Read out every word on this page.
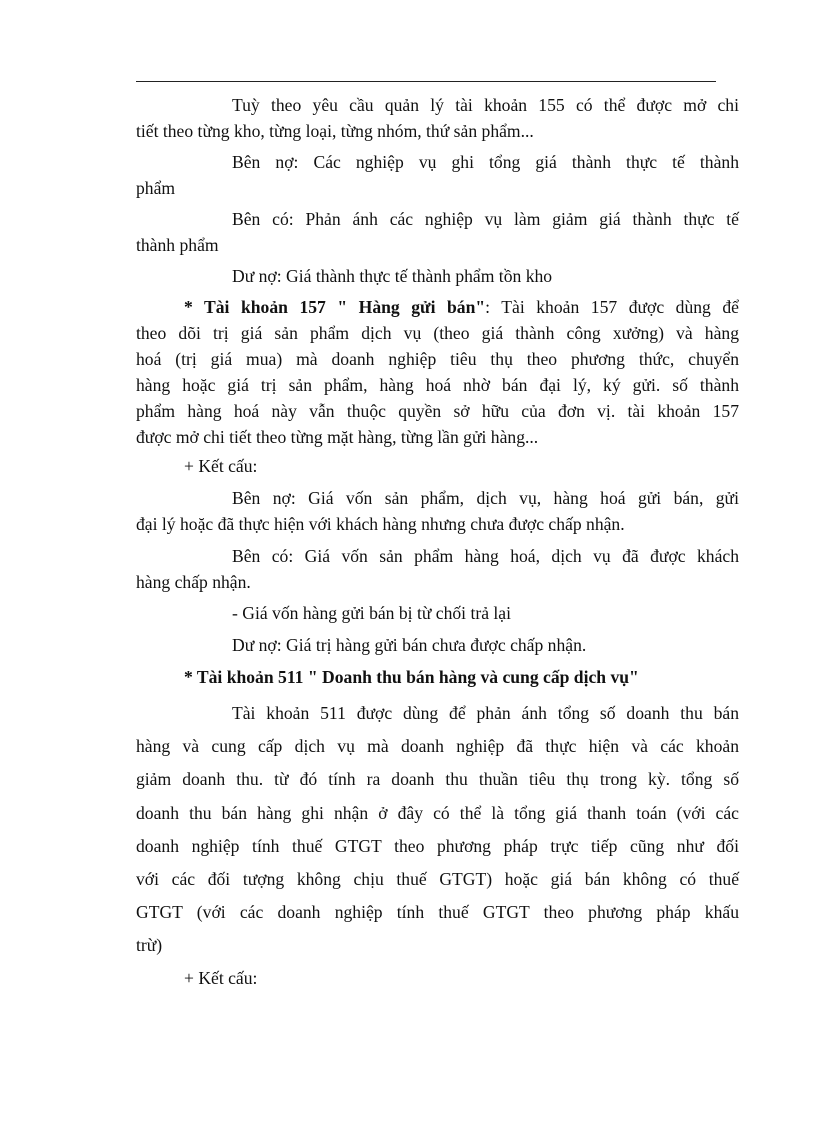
Tuỳ theo yêu cầu quản lý tài khoản 155 có thể được mở chi
tiết theo từng kho, từng loại, từng nhóm, thứ sản phẩm...
Bên nợ: Các nghiệp vụ ghi tổng giá thành thực tế thành
phẩm
Bên có: Phản ánh các nghiệp vụ làm giảm giá thành thực tế
thành phẩm
Dư nợ: Giá thành thực tế thành phẩm tồn kho
* Tài khoản 157 " Hàng gửi bán": Tài khoản 157 được dùng để
theo dõi trị giá sản phẩm dịch vụ (theo giá thành công xưởng) và hàng
hoá (trị giá mua) mà doanh nghiệp tiêu thụ theo phương thức, chuyển
hàng hoặc giá trị sản phẩm, hàng hoá nhờ bán đại lý, ký gửi. số thành
phẩm hàng hoá này vẫn thuộc quyền sở hữu của đơn vị. tài khoản 157
được mở chi tiết theo từng mặt hàng, từng lần gửi hàng...
+ Kết cấu:
Bên nợ: Giá vốn sản phẩm, dịch vụ, hàng hoá gửi bán, gửi
đại lý hoặc đã thực hiện với khách hàng nhưng chưa được chấp nhận.
Bên có: Giá vốn sản phẩm hàng hoá, dịch vụ đã được khách
hàng chấp nhận.
- Giá vốn hàng gửi bán bị từ chối trả lại
Dư nợ: Giá trị hàng gửi bán chưa được chấp nhận.
* Tài khoản 511 " Doanh thu bán hàng và cung cấp dịch vụ"
Tài khoản 511 được dùng để phản ánh tổng số doanh thu bán
hàng và cung cấp dịch vụ mà doanh nghiệp đã thực hiện và các khoản
giảm doanh thu. từ đó tính ra doanh thu thuần tiêu thụ trong kỳ. tổng số
doanh thu bán hàng ghi nhận ở đây có thể là tổng giá thanh toán (với các
doanh nghiệp tính thuế GTGT theo phương pháp trực tiếp cũng như đối
với các đối tượng không chịu thuế GTGT) hoặc giá bán không có thuế
GTGT (với các doanh nghiệp tính thuế GTGT theo phương pháp khấu
trừ)
+ Kết cấu:
